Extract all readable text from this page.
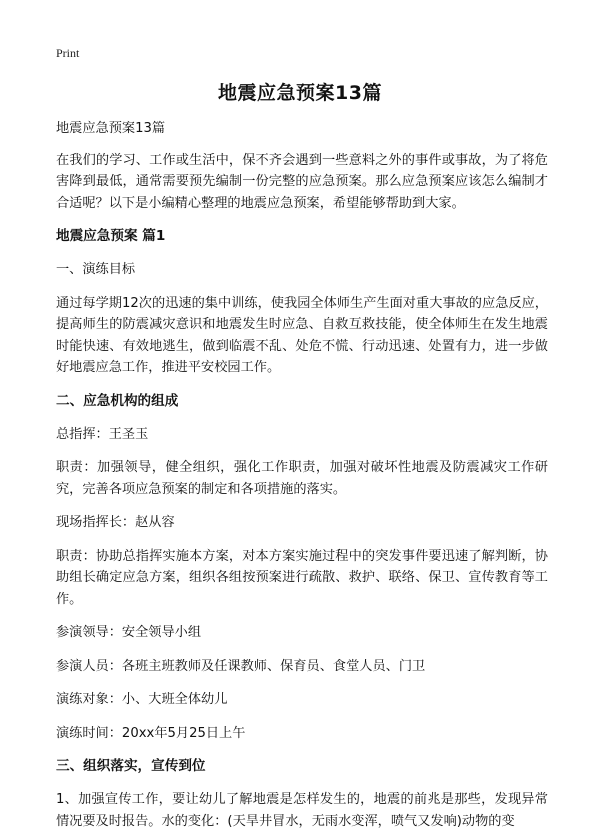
Print
地震应急预案13篇

地震应急预案13篇

在我们的学习、工作或生活中，保不齐会遇到一些意料之外的事件或事故，为了将危害降到最低，通常需要预先编制一份完整的应急预案。那么应急预案应该怎么编制才合适呢？以下是小编精心整理的地震应急预案，希望能够帮助到大家。

地震应急预案 篇1

一、演练目标

通过每学期12次的迅速的集中训练，使我园全体师生产生面对重大事故的应急反应，提高师生的防震减灾意识和地震发生时应急、自救互救技能，使全体师生在发生地震时能快速、有效地逃生，做到临震不乱、处危不慌、行动迅速、处置有力，进一步做好地震应急工作，推进平安校园工作。

二、应急机构的组成

总指挥：王圣玉

职责：加强领导，健全组织，强化工作职责，加强对破坏性地震及防震减灾工作研究，完善各项应急预案的制定和各项措施的落实。

现场指挥长：赵从容

职责：协助总指挥实施本方案，对本方案实施过程中的突发事件要迅速了解判断，协助组长确定应急方案，组织各组按预案进行疏散、救护、联络、保卫、宣传教育等工作。

参演领导：安全领导小组

参演人员：各班主班教师及任课教师、保育员、食堂人员、门卫

演练对象：小、大班全体幼儿

演练时间：20xx年5月25日上午

三、组织落实，宣传到位

1、加强宣传工作，要让幼儿了解地震是怎样发生的，地震的前兆是那些，发现异常情况要及时报告。水的变化：(天旱井冒水，无雨水变浑，喷气又发响)动物的变
